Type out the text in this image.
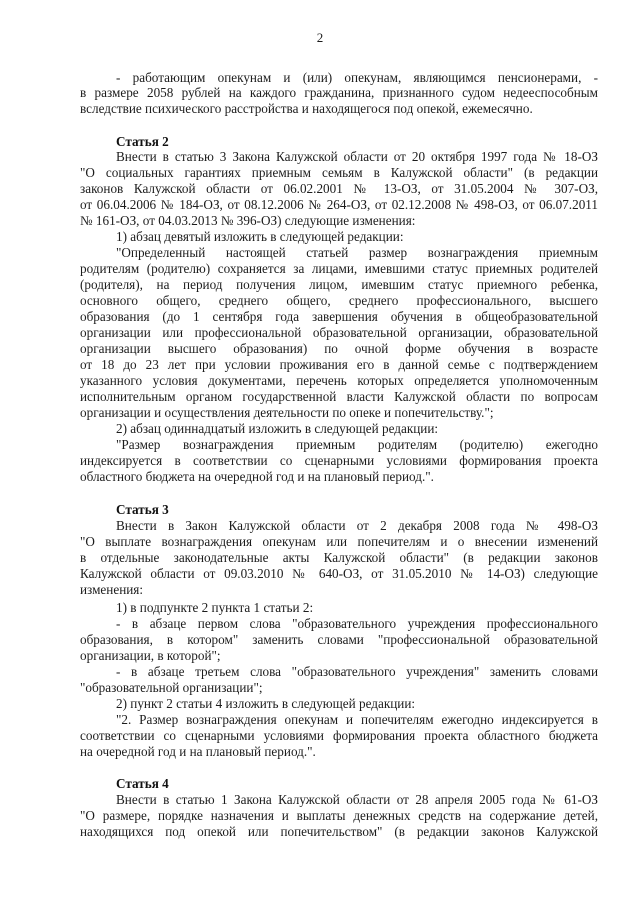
2
- работающим опекунам и (или) опекунам, являющимся пенсионерами, -
в размере 2058 рублей на каждого гражданина, признанного судом недееспособным
вследствие психического расстройства и находящегося под опекой, ежемесячно.
Статья 2
Внести в статью 3 Закона Калужской области от 20 октября 1997 года № 18-ОЗ
"О социальных гарантиях приемным семьям в Калужской области" (в редакции
законов Калужской области от 06.02.2001 № 13-ОЗ, от 31.05.2004 № 307-ОЗ,
от 06.04.2006 № 184-ОЗ, от 08.12.2006 № 264-ОЗ, от 02.12.2008 № 498-ОЗ, от 06.07.2011
№ 161-ОЗ, от 04.03.2013 № 396-ОЗ) следующие изменения:
1) абзац девятый изложить в следующей редакции:
"Определенный настоящей статьей размер вознаграждения приемным
родителям (родителю) сохраняется за лицами, имевшими статус приемных родителей
(родителя), на период получения лицом, имевшим статус приемного ребенка,
основного общего, среднего общего, среднего профессионального, высшего
образования (до 1 сентября года завершения обучения в общеобразовательной
организации или профессиональной образовательной организации, образовательной
организации высшего образования) по очной форме обучения в возрасте
от 18 до 23 лет при условии проживания его в данной семье с подтверждением
указанного условия документами, перечень которых определяется уполномоченным
исполнительным органом государственной власти Калужской области по вопросам
организации и осуществления деятельности по опеке и попечительству.";
2) абзац одиннадцатый изложить в следующей редакции:
"Размер вознаграждения приемным родителям (родителю) ежегодно
индексируется в соответствии со сценарными условиями формирования проекта
областного бюджета на очередной год и на плановый период.".
Статья 3
Внести в Закон Калужской области от 2 декабря 2008 года № 498-ОЗ
"О выплате вознаграждения опекунам или попечителям и о внесении изменений
в отдельные законодательные акты Калужской области" (в редакции законов
Калужской области от 09.03.2010 № 640-ОЗ, от 31.05.2010 № 14-ОЗ) следующие
изменения:
1) в подпункте 2 пункта 1 статьи 2:
- в абзаце первом слова "образовательного учреждения профессионального
образования, в котором" заменить словами "профессиональной образовательной
организации, в которой";
- в абзаце третьем слова "образовательного учреждения" заменить словами
"образовательной организации";
2) пункт 2 статьи 4 изложить в следующей редакции:
"2. Размер вознаграждения опекунам и попечителям ежегодно индексируется в
соответствии со сценарными условиями формирования проекта областного бюджета
на очередной год и на плановый период.".
Статья 4
Внести в статью 1 Закона Калужской области от 28 апреля 2005 года № 61-ОЗ
"О размере, порядке назначения и выплаты денежных средств на содержание детей,
находящихся под опекой или попечительством" (в редакции законов Калужской
